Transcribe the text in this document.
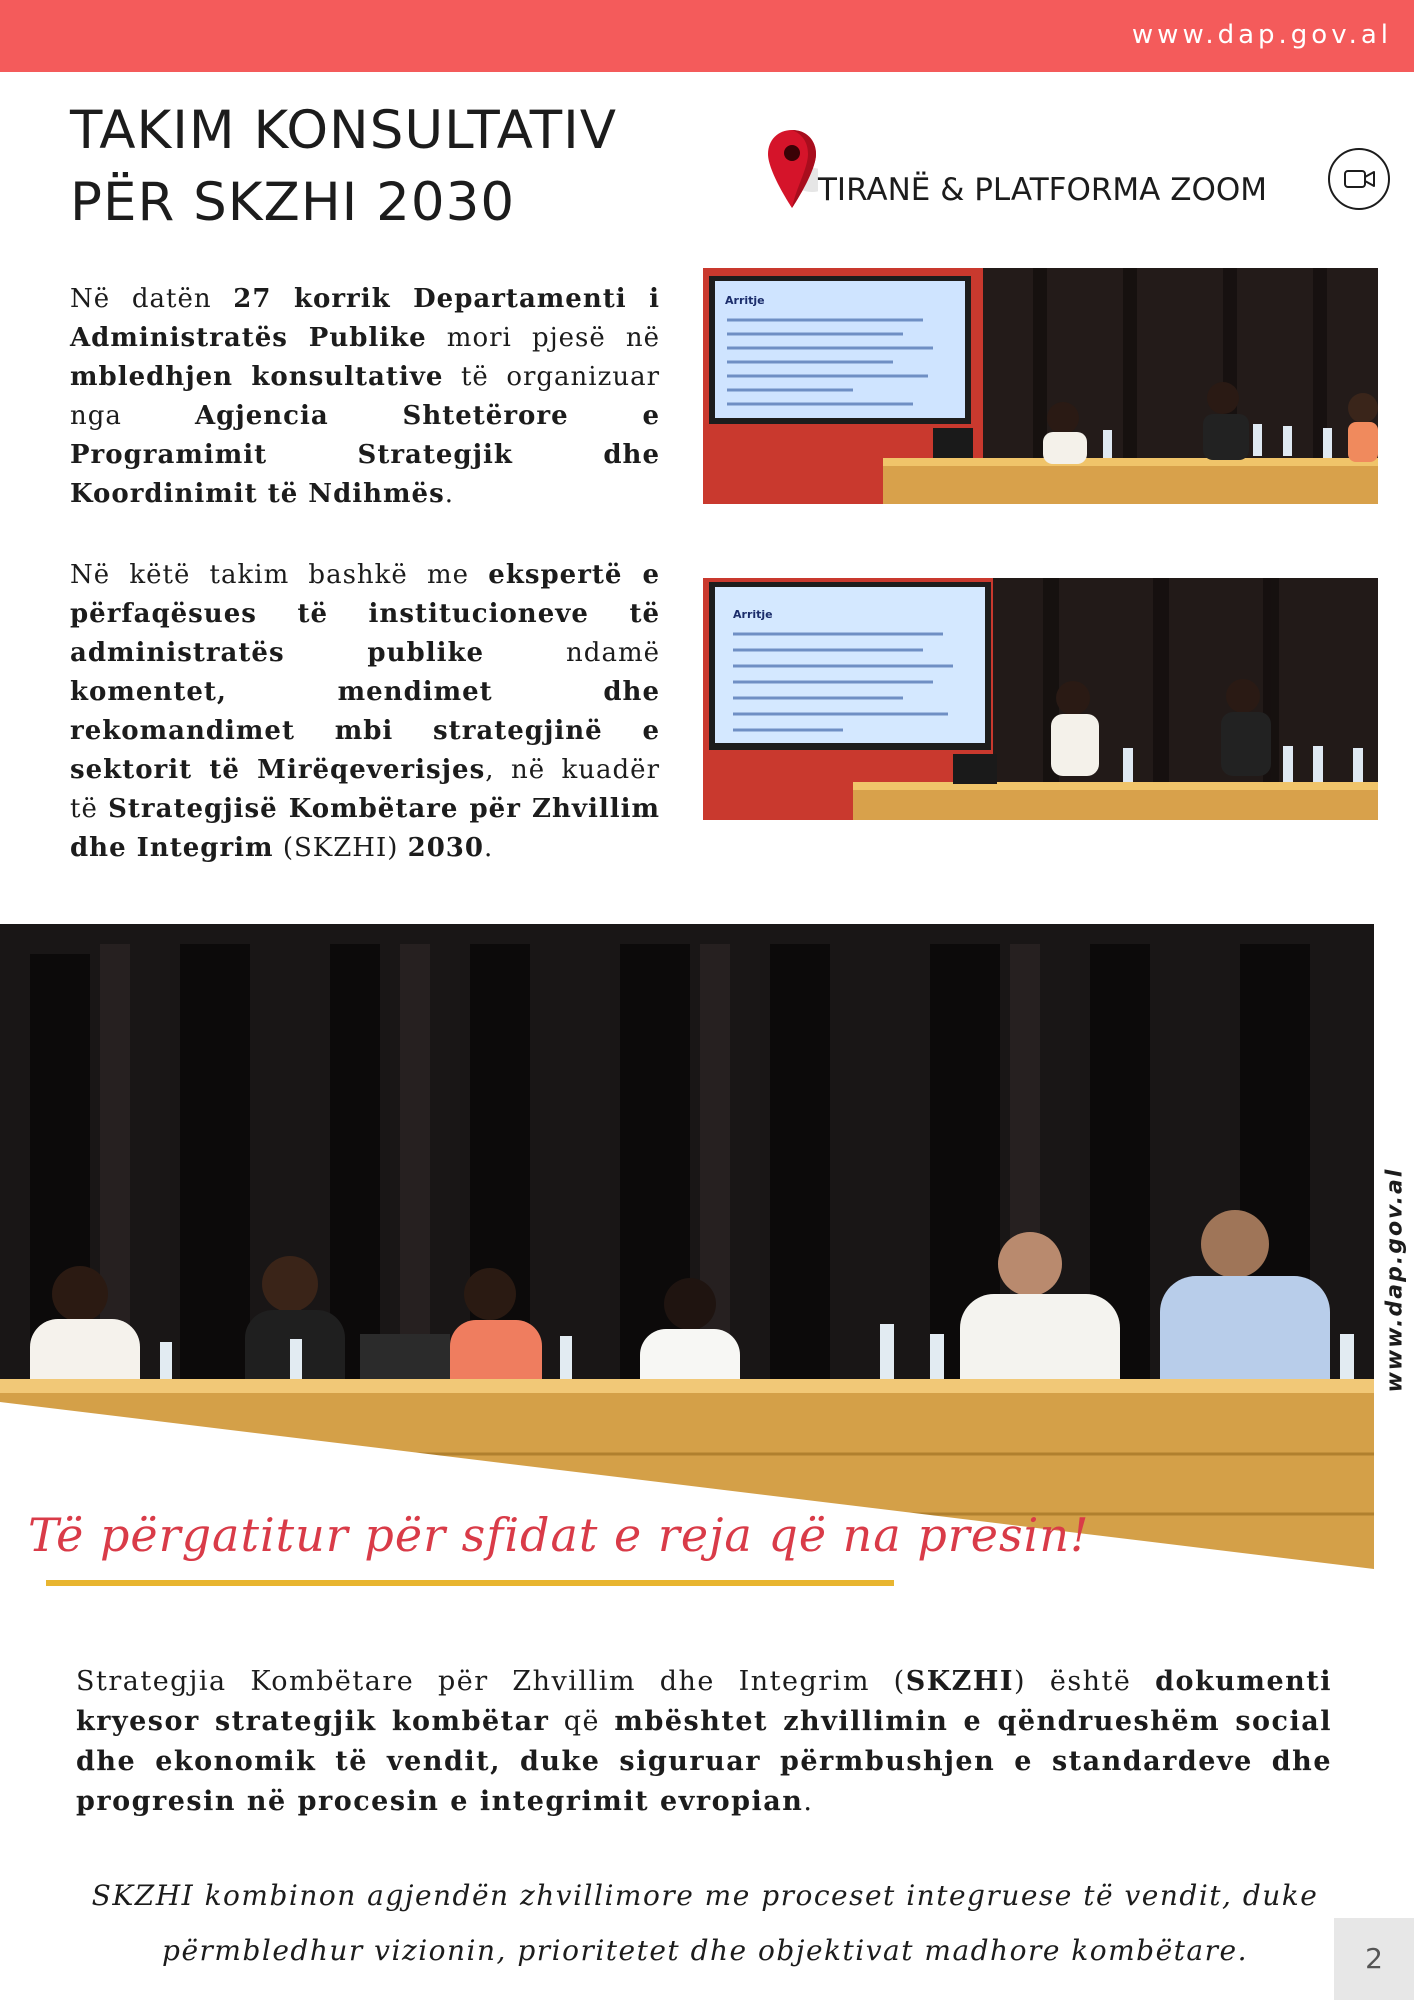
www.dap.gov.al
TAKIM KONSULTATIV
PËR SKZHI 2030	TIRANË & PLATFORMA ZOOM
Në datën 27 korrik Departamenti i Administratës Publike mori pjesë në mbledhjen konsultative të organizuar nga Agjencia Shtetërore e Programimit Strategjik dhe Koordinimit të Ndihmës.
Në këtë takim bashkë me ekspertë e përfaqësues të institucioneve të administratës publike ndamë komentet, mendimet dhe rekomandimet mbi strategjinë e sektorit të Mirëqeverisjes, në kuadër të Strategjisë Kombëtare për Zhvillim dhe Integrim (SKZHI) 2030.
Arritje
Arritje
Të përgatitur për sfidat e reja që na presin!
www.dap.gov.al
Strategjia Kombëtare për Zhvillim dhe Integrim (SKZHI) është dokumenti kryesor strategjik kombëtar që mbështet zhvillimin e qëndrueshëm social dhe ekonomik të vendit, duke siguruar përmbushjen e standardeve dhe progresin në procesin e integrimit evropian.
SKZHI kombinon agjendën zhvillimore me proceset integruese të vendit, duke përmbledhur vizionin, prioritetet dhe objektivat madhore kombëtare.	2
